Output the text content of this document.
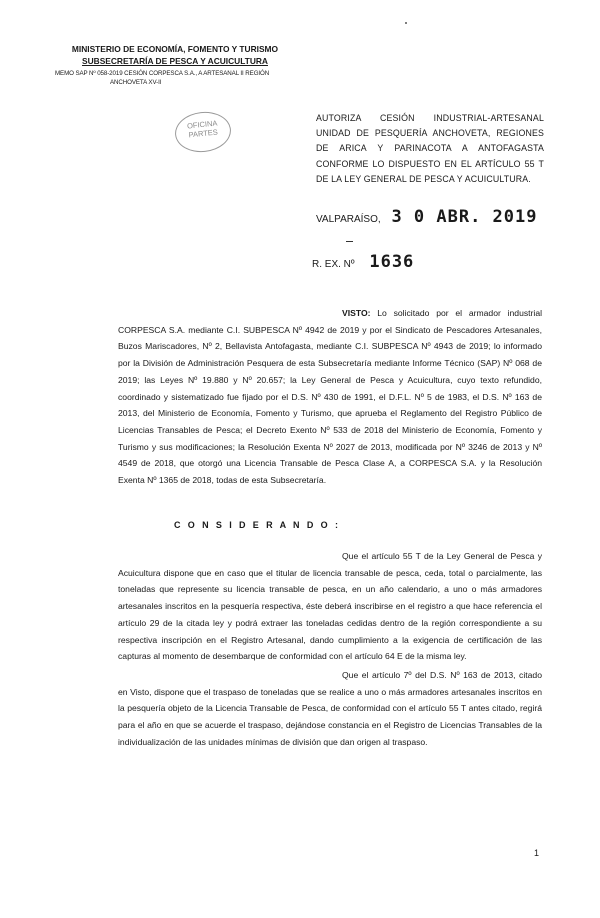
MINISTERIO DE ECONOMÍA, FOMENTO Y TURISMO
SUBSECRETARÍA DE PESCA Y ACUICULTURA
MEMO SAP Nº 058-2019 CESIÓN CORPESCA S.A., A ARTESANAL II REGIÓN
ANCHOVETA XV-II
OFICINA
PARTES
AUTORIZA CESIÓN INDUSTRIAL-ARTESANAL UNIDAD DE PESQUERÍA ANCHOVETA, REGIONES DE ARICA Y PARINACOTA A ANTOFAGASTA CONFORME LO DISPUESTO EN EL ARTÍCULO 55 T DE LA LEY GENERAL DE PESCA Y ACUICULTURA.
VALPARAÍSO, 3 0 ABR. 2019
R. EX. Nº 1636
VISTO: Lo solicitado por el armador industrial CORPESCA S.A. mediante C.I. SUBPESCA Nº 4942 de 2019 y por el Sindicato de Pescadores Artesanales, Buzos Mariscadores, Nº 2, Bellavista Antofagasta, mediante C.I. SUBPESCA Nº 4943 de 2019; lo informado por la División de Administración Pesquera de esta Subsecretaría mediante Informe Técnico (SAP) Nº 068 de 2019; las Leyes Nº 19.880 y Nº 20.657; la Ley General de Pesca y Acuicultura, cuyo texto refundido, coordinado y sistematizado fue fijado por el D.S. Nº 430 de 1991, el D.F.L. Nº 5 de 1983, el D.S. Nº 163 de 2013, del Ministerio de Economía, Fomento y Turismo, que aprueba el Reglamento del Registro Público de Licencias Transables de Pesca; el Decreto Exento Nº 533 de 2018 del Ministerio de Economía, Fomento y Turismo y sus modificaciones; la Resolución Exenta Nº 2027 de 2013, modificada por Nº 3246 de 2013 y Nº 4549 de 2018, que otorgó una Licencia Transable de Pesca Clase A, a CORPESCA S.A. y la Resolución Exenta Nº 1365 de 2018, todas de esta Subsecretaría.
C O N S I D E R A N D O :
Que el artículo 55 T de la Ley General de Pesca y Acuicultura dispone que en caso que el titular de licencia transable de pesca, ceda, total o parcialmente, las toneladas que represente su licencia transable de pesca, en un año calendario, a uno o más armadores artesanales inscritos en la pesquería respectiva, éste deberá inscribirse en el registro a que hace referencia el artículo 29 de la citada ley y podrá extraer las toneladas cedidas dentro de la región correspondiente a su respectiva inscripción en el Registro Artesanal, dando cumplimiento a la exigencia de certificación de las capturas al momento de desembarque de conformidad con el artículo 64 E de la misma ley.
Que el artículo 7º del D.S. Nº 163 de 2013, citado en Visto, dispone que el traspaso de toneladas que se realice a uno o más armadores artesanales inscritos en la pesquería objeto de la Licencia Transable de Pesca, de conformidad con el artículo 55 T antes citado, regirá para el año en que se acuerde el traspaso, dejándose constancia en el Registro de Licencias Transables de la individualización de las unidades mínimas de división que dan origen al traspaso.
1
